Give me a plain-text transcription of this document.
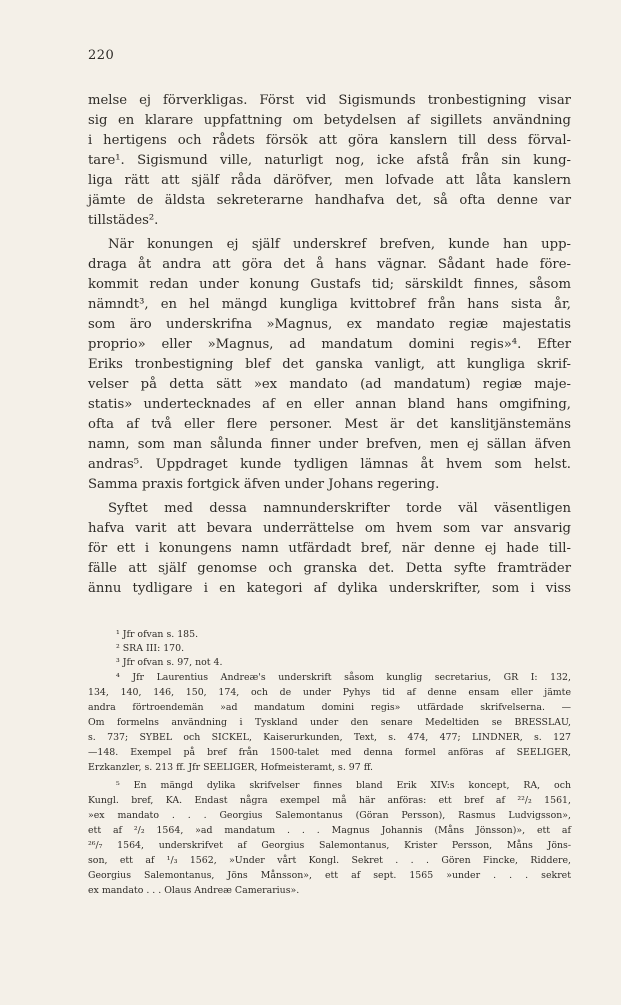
220
melse ej förverkligas. Först vid Sigismunds tronbestigning visar
sig en klarare uppfattning om betydelsen af sigillets användning
i hertigens och rådets försök att göra kanslern till dess förval-
tare¹. Sigismund ville, naturligt nog, icke afstå från sin kung-
liga rätt att själf råda däröfver, men lofvade att låta kanslern
jämte de äldsta sekreterarne handhafva det, så ofta denne var
tillstädes².
När konungen ej själf underskref brefven, kunde han upp-
draga åt andra att göra det å hans vägnar. Sådant hade före-
kommit redan under konung Gustafs tid; särskildt finnes, såsom
nämndt³, en hel mängd kungliga kvittobref från hans sista år,
som äro underskrifna »Magnus, ex mandato regiæ majestatis
proprio» eller »Magnus, ad mandatum domini regis»⁴. Efter
Eriks tronbestigning blef det ganska vanligt, att kungliga skrif-
velser på detta sätt »ex mandato (ad mandatum) regiæ maje-
statis» undertecknades af en eller annan bland hans omgifning,
ofta af två eller flere personer. Mest är det kanslitjänstemäns
namn, som man sålunda finner under brefven, men ej sällan äfven
andras⁵. Uppdraget kunde tydligen lämnas åt hvem som helst.
Samma praxis fortgick äfven under Johans regering.
Syftet med dessa namnunderskrifter torde väl väsentligen
hafva varit att bevara underrättelse om hvem som var ansvarig
för ett i konungens namn utfärdadt bref, när denne ej hade till-
fälle att själf genomse och granska det. Detta syfte framträder
ännu tydligare i en kategori af dylika underskrifter, som i viss
¹ Jfr ofvan s. 185.
² SRA III: 170.
³ Jfr ofvan s. 97, not 4.
⁴ Jfr Laurentius Andreæ's underskrift såsom kunglig secretarius, GR I: 132,
134, 140, 146, 150, 174, och de under Pyhys tid af denne ensam eller jämte
andra förtroendemän »ad mandatum domini regis» utfärdade skrifvelserna. —
Om formelns användning i Tyskland under den senare Medeltiden se BRESSLAU,
s. 737; SYBEL och SICKEL, Kaiserurkunden, Text, s. 474, 477; LINDNER, s. 127
—148. Exempel på bref från 1500-talet med denna formel anföras af SEELIGER,
Erzkanzler, s. 213 ff. Jfr SEELIGER, Hofmeisteramt, s. 97 ff.
⁵ En mängd dylika skrifvelser finnes bland Erik XIV:s koncept, RA, och
Kungl. bref, KA. Endast några exempel må här anföras: ett bref af ²²/₂ 1561,
»ex mandato . . . Georgius Salemontanus (Göran Persson), Rasmus Ludvigsson»,
ett af ²/₂ 1564, »ad mandatum . . . Magnus Johannis (Måns Jönsson)», ett af
²⁶/₇ 1564, underskrifvet af Georgius Salemontanus, Krister Persson, Måns Jöns-
son, ett af ¹/₃ 1562, »Under vårt Kongl. Sekret . . . Gören Fincke, Riddere,
Georgius Salemontanus, Jöns Månsson», ett af sept. 1565 »under . . . sekret
ex mandato . . . Olaus Andreæ Camerarius».
